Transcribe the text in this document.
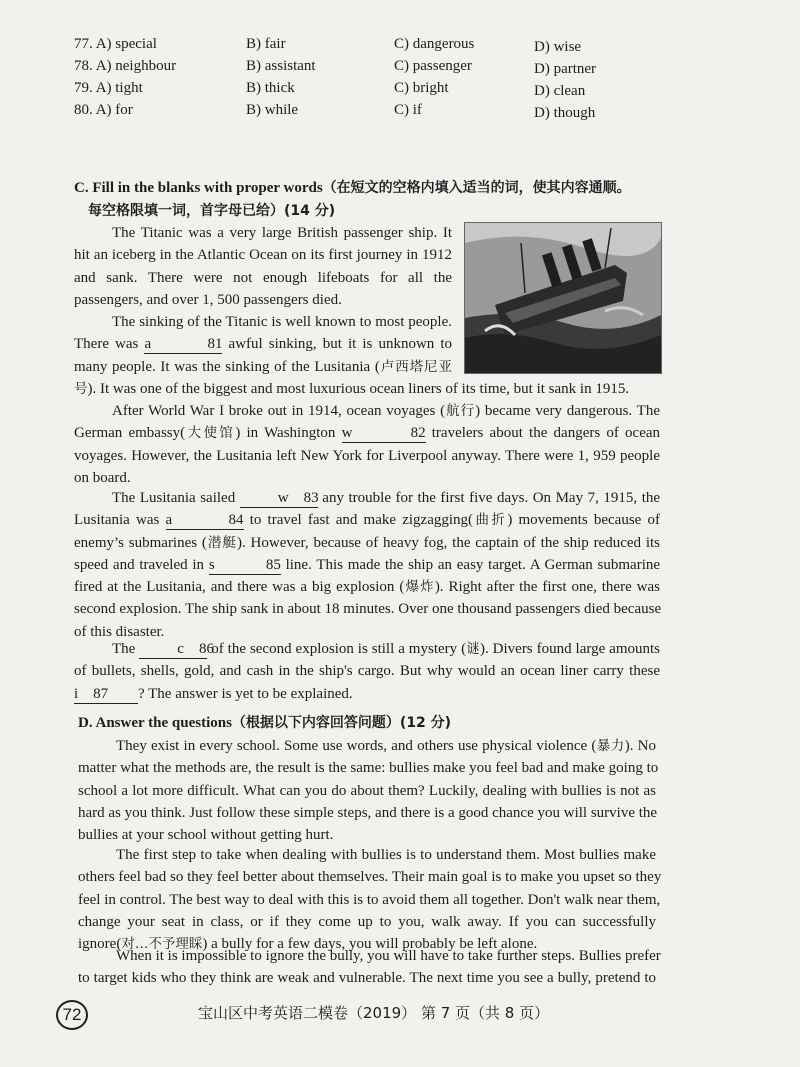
77. A) special	B) fair	C) dangerous	D) wise
78. A) neighbour	B) assistant	C) passenger	D) partner
79. A) tight	B) thick	C) bright	D) clean
80. A) for	B) while	C) if	D) though
C. Fill in the blanks with proper words（在短文的空格内填入适当的词，使其内容通顺。
每空格限填一词，首字母已给）(14 分)
The Titanic was a very large British passenger ship. It
hit an iceberg in the Atlantic Ocean on its first journey in 1912
and sank. There were not enough lifeboats for all the
passengers, and over 1, 500 passengers died.
The sinking of the Titanic is well known to most people.
There was a	81 awful sinking, but it is unknown to
many people. It was the sinking of the Lusitania (卢西塔尼亚
号). It was one of the biggest and most luxurious ocean liners of its time, but it sank in 1915.
After World War I broke out in 1914, ocean voyages (航行) became very dangerous. The
German embassy(大使馆) in Washington w	82 travelers about the dangers of ocean
voyages. However, the Lusitania left New York for Liverpool anyway. There were 1, 959 people
on board.
The Lusitania sailed	w 83 any trouble for the first five days. On May 7, 1915, the
Lusitania was a	84 to travel fast and make zigzagging(曲折) movements because of
enemy’s submarines (潜艇). However, because of heavy fog, the captain of the ship reduced its
speed and traveled in s	85 line. This made the ship an easy target. A German submarine
fired at the Lusitania, and there was a big explosion (爆炸). Right after the first one, there was
second explosion. The ship sank in about 18 minutes. Over one thousand passengers died because
of this disaster.
The	c 86 of the second explosion is still a mystery (谜). Divers found large amounts
of bullets, shells, gold, and cash in the ship's cargo. But why would an ocean liner carry these
i 87 ? The answer is yet to be explained.
D. Answer the questions（根据以下内容回答问题）(12 分)
They exist in every school. Some use words, and others use physical violence (暴力). No
matter what the methods are, the result is the same: bullies make you feel bad and make going to
school a lot more difficult. What can you do about them? Luckily, dealing with bullies is not as
hard as you think. Just follow these simple steps, and there is a good chance you will survive the
bullies at your school without getting hurt.
The first step to take when dealing with bullies is to understand them. Most bullies make
others feel bad so they feel better about themselves. Their main goal is to make you upset so they
feel in control. The best way to deal with this is to avoid them all together. Don't walk near them,
change your seat in class, or if they come up to you, walk away. If you can successfully
ignore(对…不予理睬) a bully for a few days, you will probably be left alone.
When it is impossible to ignore the bully, you will have to take further steps. Bullies prefer
to target kids who they think are weak and vulnerable. The next time you see a bully, pretend to
72	宝山区中考英语二模卷（2019） 第 7 页（共 8 页）
